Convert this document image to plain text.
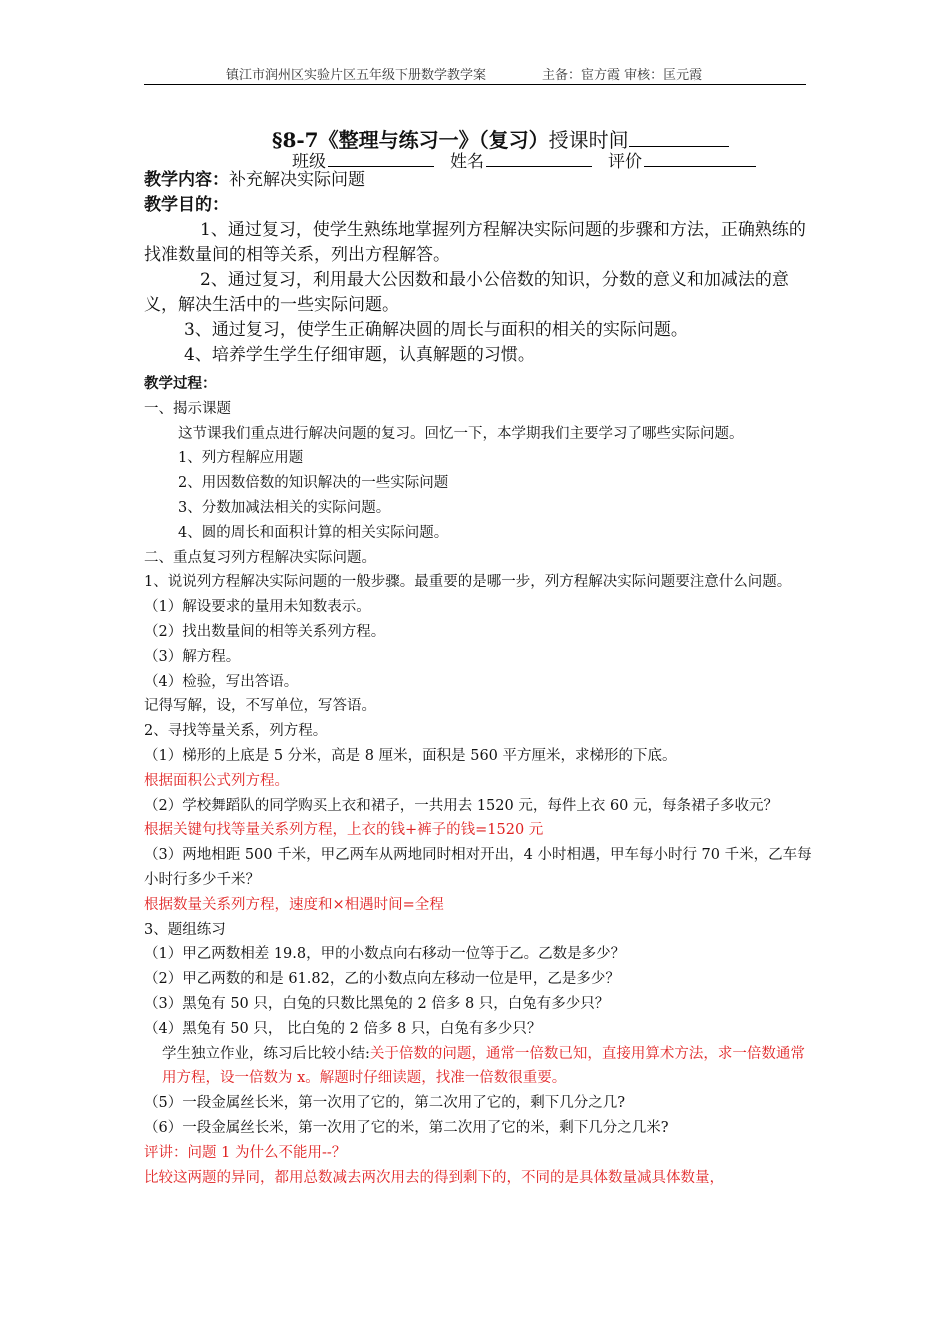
镇江市润州区实验片区五年级下册数学教学案	主备：宦方霞 审核：匡元霞
§8-7《整理与练习一》（复习）授课时间
班级	姓名	评价

教学内容：补充解决实际问题

教学目的：

1、通过复习，使学生熟练地掌握列方程解决实际问题的步骤和方法，正确熟练的找准数量间的相等关系，列出方程解答。

2、通过复习，利用最大公因数和最小公倍数的知识，分数的意义和加减法的意义，解决生活中的一些实际问题。

3、通过复习，使学生正确解决圆的周长与面积的相关的实际问题。

4、培养学生学生仔细审题，认真解题的习惯。

教学过程：

一、揭示课题

这节课我们重点进行解决问题的复习。回忆一下，本学期我们主要学习了哪些实际问题。

1、列方程解应用题

2、用因数倍数的知识解决的一些实际问题

3、分数加减法相关的实际问题。

4、圆的周长和面积计算的相关实际问题。

二、重点复习列方程解决实际问题。

1、说说列方程解决实际问题的一般步骤。最重要的是哪一步，列方程解决实际问题要注意什么问题。

（1）解设要求的量用未知数表示。

（2）找出数量间的相等关系列方程。

（3）解方程。

（4）检验，写出答语。

记得写解，设，不写单位，写答语。

2、寻找等量关系，列方程。

（1）梯形的上底是 5 分米，高是 8 厘米，面积是 560 平方厘米，求梯形的下底。

根据面积公式列方程。

（2）学校舞蹈队的同学购买上衣和裙子，一共用去 1520 元，每件上衣 60 元，每条裙子多收元？

根据关键句找等量关系列方程，上衣的钱+裤子的钱=1520 元

（3）两地相距 500 千米，甲乙两车从两地同时相对开出，4 小时相遇，甲车每小时行 70 千米，乙车每小时行多少千米？

根据数量关系列方程，速度和×相遇时间=全程

3、题组练习

（1）甲乙两数相差 19.8，甲的小数点向右移动一位等于乙。乙数是多少？

（2）甲乙两数的和是 61.82，乙的小数点向左移动一位是甲，乙是多少？

（3）黑兔有 50 只，白兔的只数比黑兔的 2 倍多 8 只，白兔有多少只？

（4）黑兔有 50 只， 比白兔的 2 倍多 8 只，白兔有多少只？

学生独立作业，练习后比较小结:关于倍数的问题，通常一倍数已知，直接用算术方法，求一倍数通常用方程，设一倍数为 x。解题时仔细读题，找准一倍数很重要。

（5）一段金属丝长米，第一次用了它的，第二次用了它的，剩下几分之几?

（6）一段金属丝长米，第一次用了它的米，第二次用了它的米，剩下几分之几米?

评讲：问题 1 为什么不能用--？

比较这两题的异同，都用总数减去两次用去的得到剩下的，不同的是具体数量减具体数量，
